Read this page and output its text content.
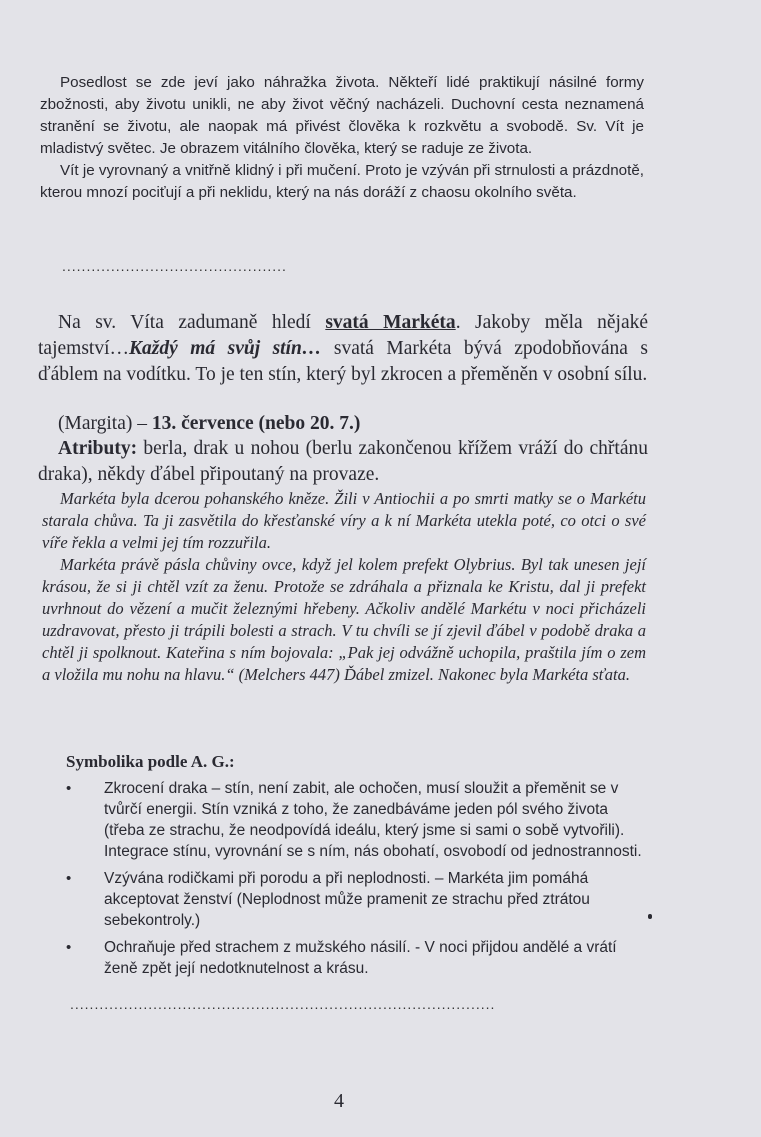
Posedlost se zde jeví jako náhražka života. Někteří lidé praktikují násilné formy zbožnosti, aby životu unikli, ne aby život věčný nacházeli. Duchovní cesta neznamená stranění se životu, ale naopak má přivést člověka k rozkvětu a svobodě. Sv. Vít je mladistvý světec. Je obrazem vitálního člověka, který se raduje ze života.
Vít je vyrovnaný a vnitřně klidný i při mučení. Proto je vzýván při strnulosti a prázdnotě, kterou mnozí pociťují a při neklidu, který na nás doráží z chaosu okolního světa.
..............................................

Na sv. Víta zadumaně hledí svatá Markéta. Jakoby měla nějaké tajemství…Každý má svůj stín… svatá Markéta bývá zpodobňována s ďáblem na vodítku. To je ten stín, který byl zkrocen a přeměněn v osobní sílu.

(Margita) – 13. července (nebo 20. 7.)

Atributy: berla, drak u nohou (berlu zakončenou křížem vráží do chřtánu draka), někdy ďábel připoutaný na provaze.

Markéta byla dcerou pohanského kněze. Žili v Antiochii a po smrti matky se o Markétu starala chůva. Ta ji zasvětila do křesťanské víry a k ní Markéta utekla poté, co otci o své víře řekla a velmi jej tím rozzuřila.

Markéta právě pásla chůviny ovce, když jel kolem prefekt Olybrius. Byl tak unesen její krásou, že si ji chtěl vzít za ženu. Protože se zdráhala a přiznala ke Kristu, dal ji prefekt uvrhnout do vězení a mučit železnými hřebeny. Ačkoliv andělé Markétu v noci přicházeli uzdravovat, přesto ji trápili bolesti a strach. V tu chvíli se jí zjevil ďábel v podobě draka a chtěl ji spolknout. Kateřina s ním bojovala: „Pak jej odvážně uchopila, praštila jím o zem a vložila mu nohu na hlavu.“ (Melchers 447) Ďábel zmizel. Nakonec byla Markéta sťata.

Symbolika podle A. G.:
• Zkrocení draka – stín, není zabit, ale ochočen, musí sloužit a přeměnit se v tvůrčí energii. Stín vzniká z toho, že zanedbáváme jeden pól svého života (třeba ze strachu, že neodpovídá ideálu, který jsme si sami o sobě vytvořili). Integrace stínu, vyrovnání se s ním, nás obohatí, osvobodí od jednostrannosti.
• Vzývána rodičkami při porodu a při neplodnosti. – Markéta jim pomáhá akceptovat ženství (Neplodnost může pramenit ze strachu před ztrátou sebekontroly.)
• Ochraňuje před strachem z mužského násilí. - V noci přijdou andělé a vrátí ženě zpět její nedotknutelnost a krásu.
.......................................................................................
4
